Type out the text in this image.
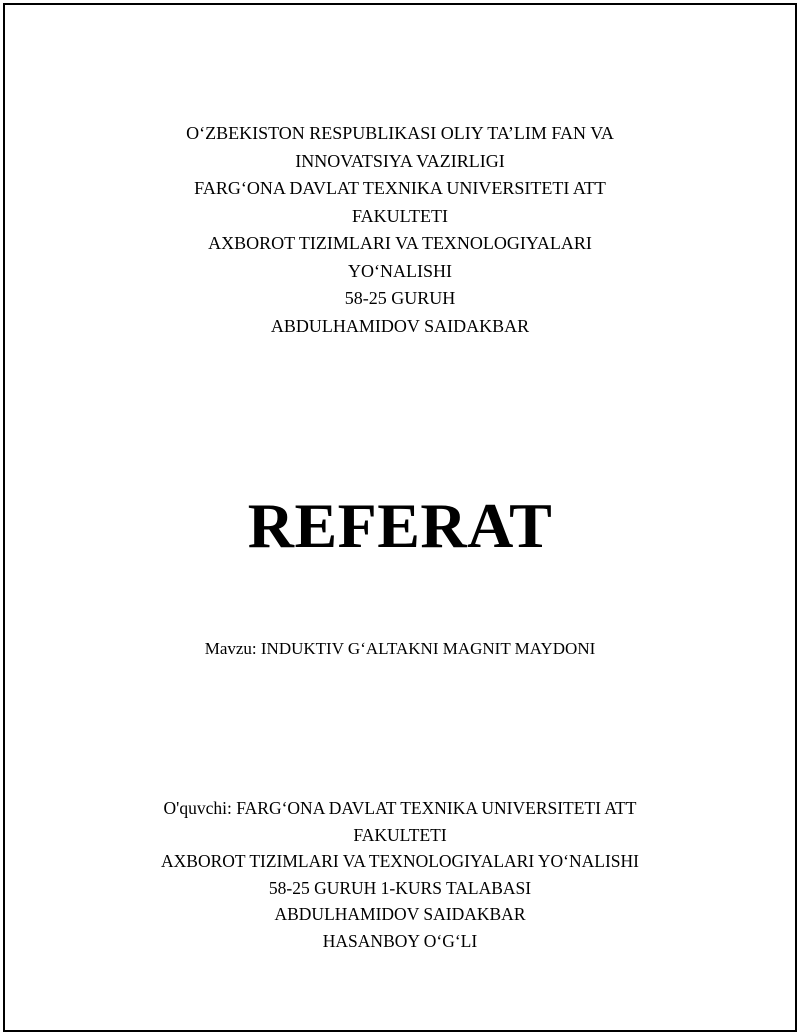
O‘ZBEKISTON RESPUBLIKASI OLIY TA’LIM FAN VA
INNOVATSIYA VAZIRLIGI
FARG‘ONA DAVLAT TEXNIKA UNIVERSITETI ATT
FAKULTETI
AXBOROT TIZIMLARI VA TEXNOLOGIYALARI
YO‘NALISHI
58-25 GURUH
ABDULHAMIDOV SAIDAKBAR
REFERAT
Mavzu: INDUKTIV G‘ALTAKNI MAGNIT MAYDONI
O'quvchi: FARG‘ONA DAVLAT TEXNIKA UNIVERSITETI ATT
FAKULTETI
AXBOROT TIZIMLARI VA TEXNOLOGIYALARI YO‘NALISHI
58-25 GURUH 1-KURS TALABASI
ABDULHAMIDOV SAIDAKBAR
HASANBOY O‘G‘LI
